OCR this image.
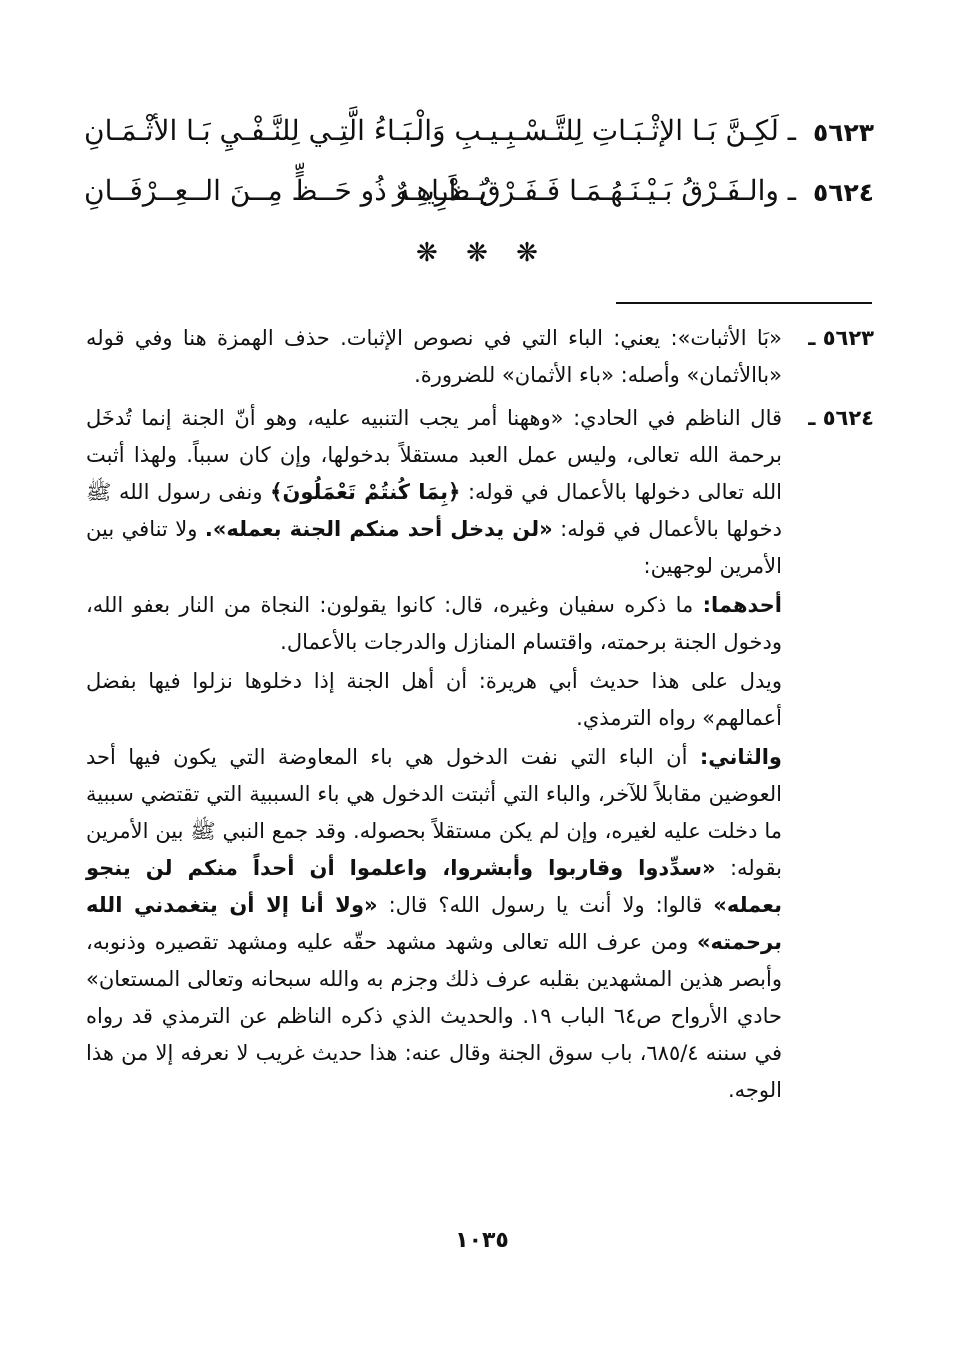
٥٦٢٣
ـ لَكِـنَّ بَـا الإثْـبَـاتِ لِلتَّـسْـبِـيـبِ وَالْـ
بَـاءُ الَّتِـي لِلنَّـفْـيِ بَـا الأثْـمَـانِ
٥٦٢٤
ـ والـفَـرْقُ بَـيْـنَـهُـمَـا فَـفَـرْقٌ ظَـاهِـرٌ
يَــدْرِيــه ذُو حَــظٍّ مِــنَ الــعِــرْفَــانِ
❋ ❋ ❋
٥٦٢٣ ـ
«بَا الأثبات»: يعني: الباء التي في نصوص الإثبات. حذف الهمزة هنا وفي قوله «باالأثمان» وأصله: «باء الأثمان» للضرورة.
٥٦٢٤ ـ
قال الناظم في الحادي: «وههنا أمر يجب التنبيه عليه، وهو أنّ الجنة إنما تُدخَل برحمة الله تعالى، وليس عمل العبد مستقلاً بدخولها، وإن كان سبباً. ولهذا أثبت الله تعالى دخولها بالأعمال في قوله: ﴿بِمَا كُنتُمْ تَعْمَلُونَ﴾ ونفى رسول الله ﷺ دخولها بالأعمال في قوله: «لن يدخل أحد منكم الجنة بعمله». ولا تنافي بين الأمرين لوجهين:
أحدهما: ما ذكره سفيان وغيره، قال: كانوا يقولون: النجاة من النار بعفو الله، ودخول الجنة برحمته، واقتسام المنازل والدرجات بالأعمال.
ويدل على هذا حديث أبي هريرة: أن أهل الجنة إذا دخلوها نزلوا فيها بفضل أعمالهم» رواه الترمذي.
والثاني: أن الباء التي نفت الدخول هي باء المعاوضة التي يكون فيها أحد العوضين مقابلاً للآخر، والباء التي أثبتت الدخول هي باء السببية التي تقتضي سببية ما دخلت عليه لغيره، وإن لم يكن مستقلاً بحصوله. وقد جمع النبي ﷺ بين الأمرين بقوله: «سدِّدوا وقاربوا وأبشروا، واعلموا أن أحداً منكم لن ينجو بعمله» قالوا: ولا أنت يا رسول الله؟ قال: «ولا أنا إلا أن يتغمدني الله برحمته» ومن عرف الله تعالى وشهد مشهد حقّه عليه ومشهد تقصيره وذنوبه، وأبصر هذين المشهدين بقلبه عرف ذلك وجزم به والله سبحانه وتعالى المستعان» حادي الأرواح ص٦٤ الباب ١٩. والحديث الذي ذكره الناظم عن الترمذي قد رواه في سننه ٦٨٥/٤، باب سوق الجنة وقال عنه: هذا حديث غريب لا نعرفه إلا من هذا الوجه.
١٠٣٥
